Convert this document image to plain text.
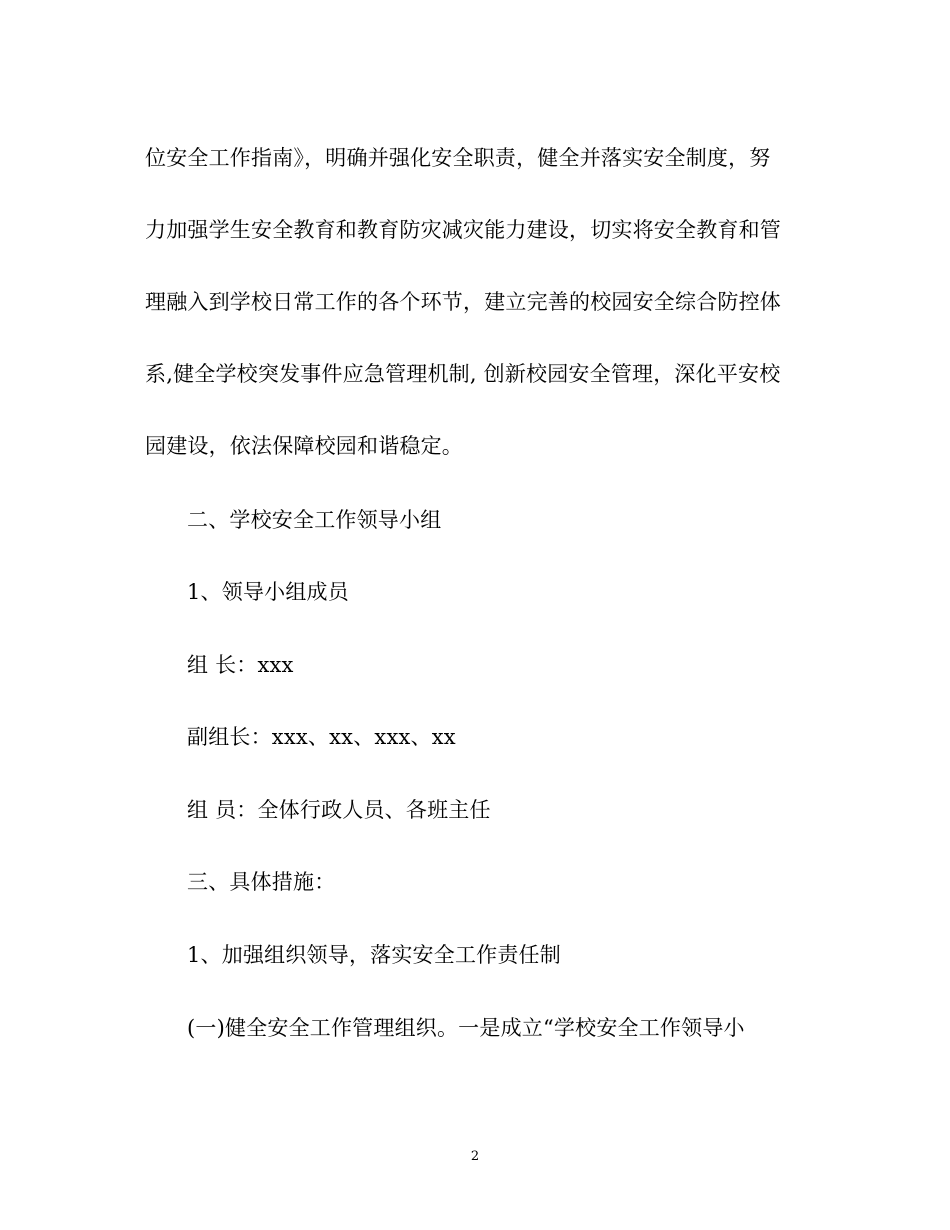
位安全工作指南》，明确并强化安全职责，健全并落实安全制度，努
力加强学生安全教育和教育防灾减灾能力建设，切实将安全教育和管
理融入到学校日常工作的各个环节，建立完善的校园安全综合防控体
系,健全学校突发事件应急管理机制, 创新校园安全管理，深化平安校
园建设，依法保障校园和谐稳定。
二、学校安全工作领导小组
1、领导小组成员
组 长：xxx
副组长：xxx、xx、xxx、xx
组 员：全体行政人员、各班主任
三、具体措施：
1、加强组织领导，落实安全工作责任制
(一)健全安全工作管理组织。一是成立“学校安全工作领导小
2
